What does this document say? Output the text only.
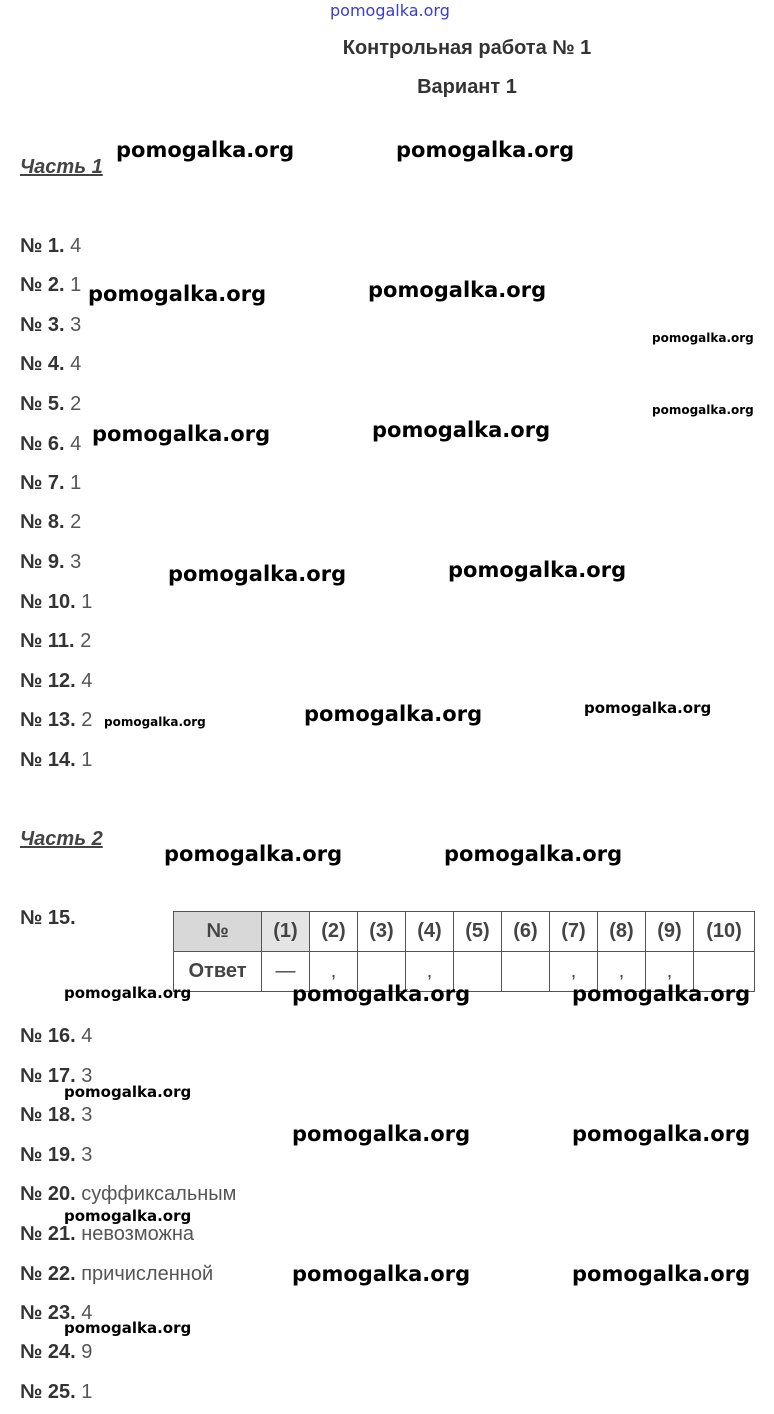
pomogalka.org
Контрольная работа № 1
Вариант 1
Часть 1
№ 1. 4
№ 2. 1
№ 3. 3
№ 4. 4
№ 5. 2
№ 6. 4
№ 7. 1
№ 8. 2
№ 9. 3
№ 10. 1
№ 11. 2
№ 12. 4
№ 13. 2
№ 14. 1
Часть 2
№ 15.
№	(1)	(2)	(3)	(4)	(5)	(6)	(7)	(8)	(9)	(10)
Ответ	—	,		,			,	,	,	
№ 16. 4
№ 17. 3
№ 18. 3
№ 19. 3
№ 20. суффиксальным
№ 21. невозможна
№ 22. причисленной
№ 23. 4
№ 24. 9
№ 25. 1
pomogalka.org	pomogalka.org
pomogalka.org	pomogalka.org
pomogalka.org
pomogalka.org
pomogalka.org	pomogalka.org
pomogalka.org	pomogalka.org
pomogalka.org	pomogalka.org	pomogalka.org
pomogalka.org	pomogalka.org
pomogalka.org	pomogalka.org	pomogalka.org
pomogalka.org
pomogalka.org	pomogalka.org
pomogalka.org
pomogalka.org	pomogalka.org
pomogalka.org
